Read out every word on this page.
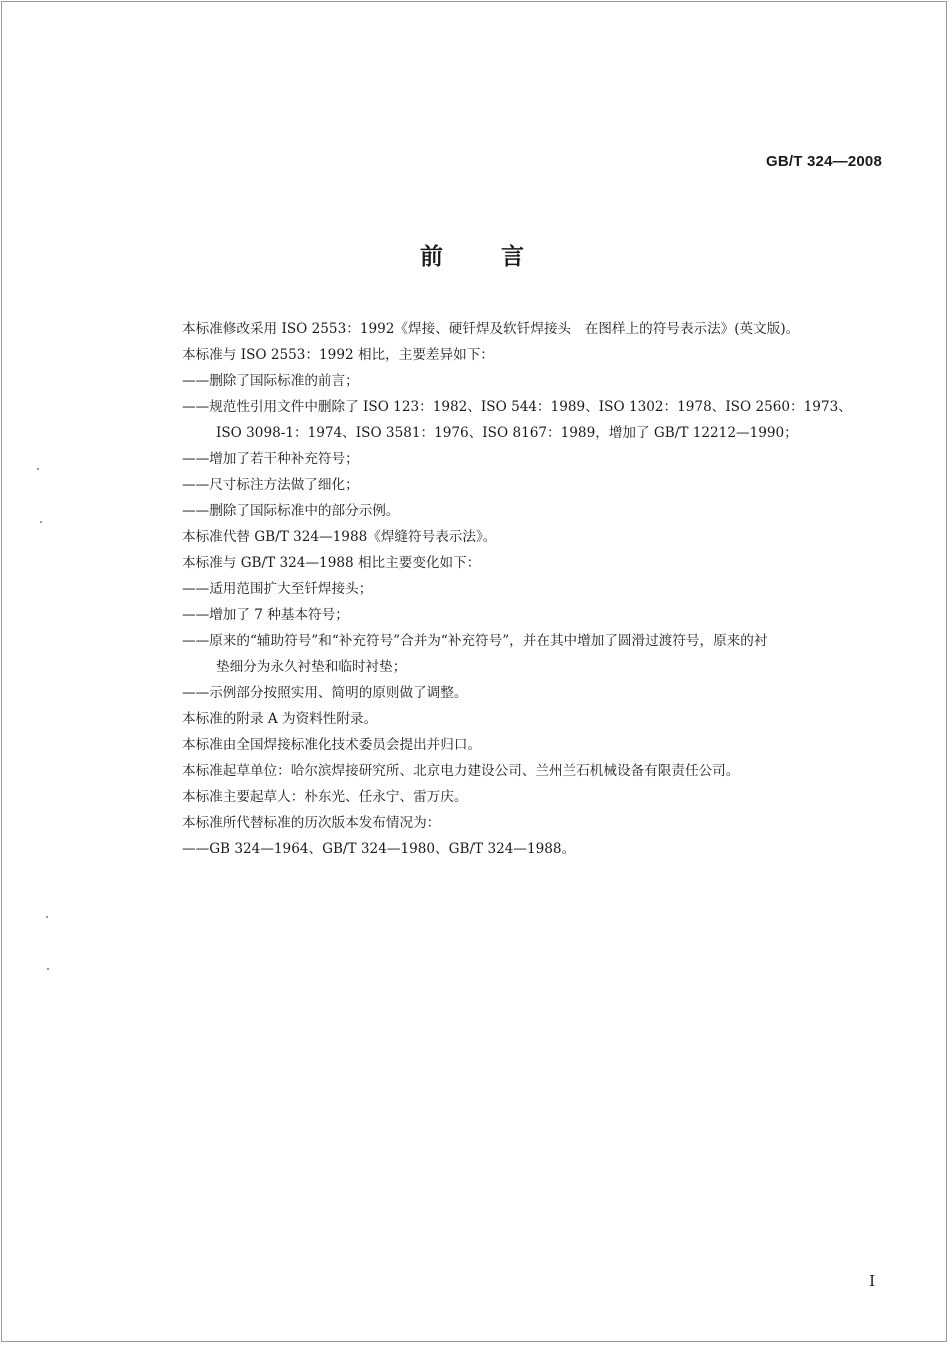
GB/T 324—2008
前言
本标准修改采用 ISO 2553：1992《焊接、硬钎焊及软钎焊接头　在图样上的符号表示法》(英文版)。
本标准与 ISO 2553：1992 相比，主要差异如下：
——删除了国际标准的前言；
——规范性引用文件中删除了 ISO 123：1982、ISO 544：1989、ISO 1302：1978、ISO 2560：1973、
ISO 3098-1：1974、ISO 3581：1976、ISO 8167：1989，增加了 GB/T 12212—1990；
——增加了若干种补充符号；
——尺寸标注方法做了细化；
——删除了国际标准中的部分示例。
本标准代替 GB/T 324—1988《焊缝符号表示法》。
本标准与 GB/T 324—1988 相比主要变化如下：
——适用范围扩大至钎焊接头；
——增加了 7 种基本符号；
——原来的“辅助符号”和“补充符号”合并为“补充符号”，并在其中增加了圆滑过渡符号，原来的衬
垫细分为永久衬垫和临时衬垫；
——示例部分按照实用、简明的原则做了调整。
本标准的附录 A 为资料性附录。
本标准由全国焊接标准化技术委员会提出并归口。
本标准起草单位：哈尔滨焊接研究所、北京电力建设公司、兰州兰石机械设备有限责任公司。
本标准主要起草人：朴东光、任永宁、雷万庆。
本标准所代替标准的历次版本发布情况为：
——GB 324—1964、GB/T 324—1980、GB/T 324—1988。
I
